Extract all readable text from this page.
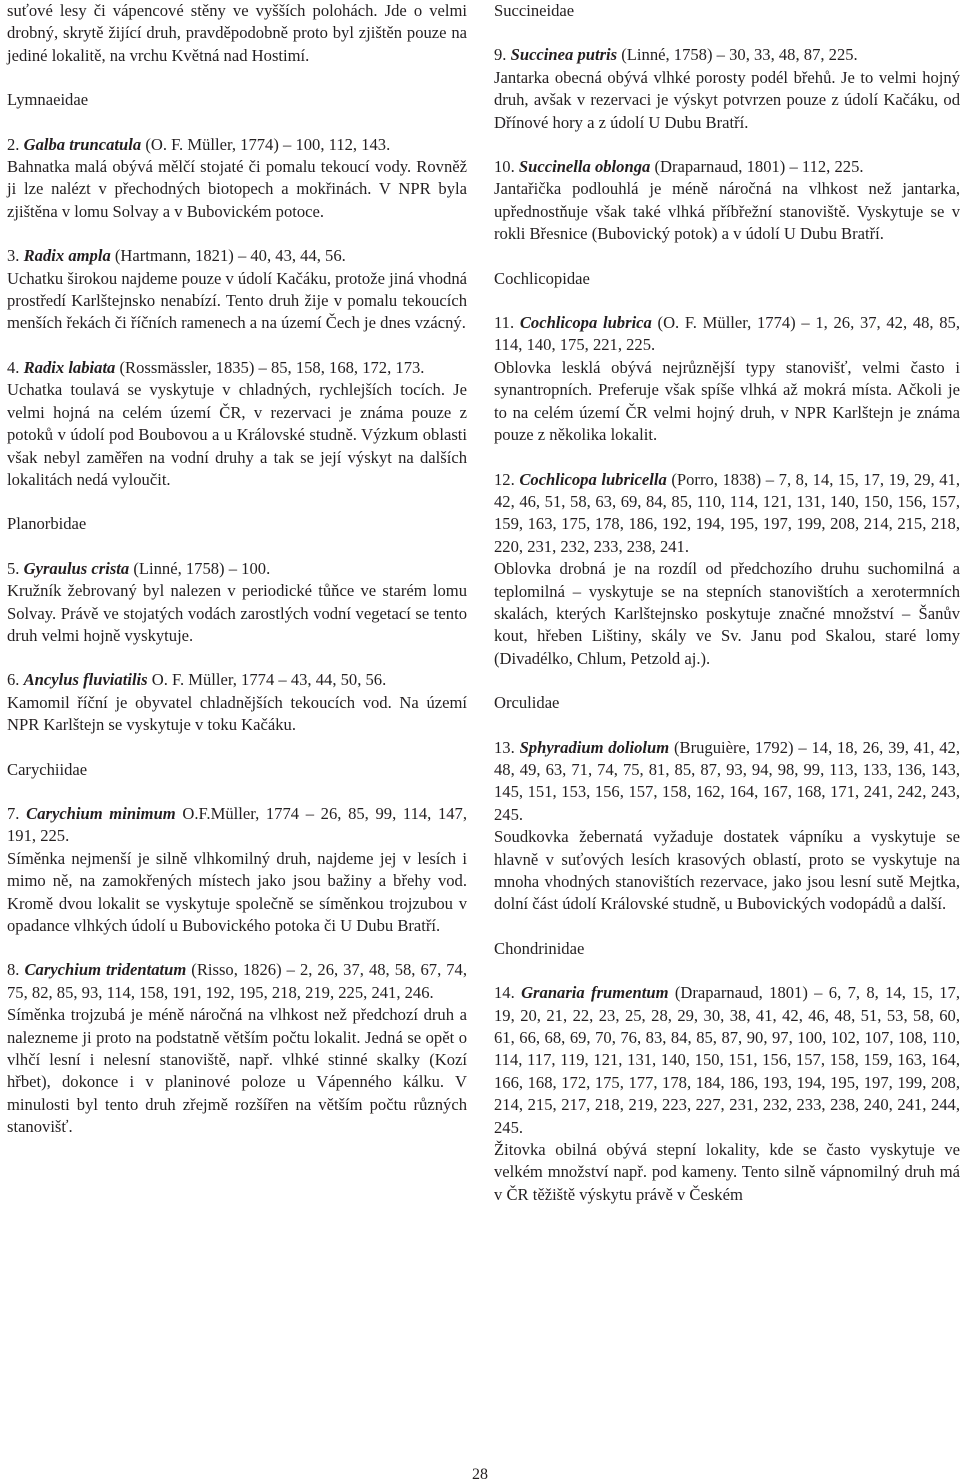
suťové lesy či vápencové stěny ve vyšších polohách. Jde o velmi drobný, skrytě žijící druh, pravděpodobně proto byl zjištěn pouze na jediné lokalitě, na vrchu Květná nad Hostimí.

Lymnaeidae

2. Galba truncatula (O. F. Müller, 1774) – 100, 112, 143.

Bahnatka malá obývá mělčí stojaté či pomalu tekoucí vody. Rovněž ji lze nalézt v přechodných biotopech a mokřinách. V NPR byla zjištěna v lomu Solvay a v Bubovickém potoce.

3. Radix ampla (Hartmann, 1821) – 40, 43, 44, 56.

Uchatku širokou najdeme pouze v údolí Kačáku, protože jiná vhodná prostředí Karlštejnsko nenabízí. Tento druh žije v pomalu tekoucích menších řekách či říčních ramenech a na území Čech je dnes vzácný.

4. Radix labiata (Rossmässler, 1835) – 85, 158, 168, 172, 173.

Uchatka toulavá se vyskytuje v chladných, rychlejších tocích. Je velmi hojná na celém území ČR, v rezervaci je známa pouze z potoků v údolí pod Boubovou a u Královské studně. Výzkum oblasti však nebyl zaměřen na vodní druhy a tak se její výskyt na dalších lokalitách nedá vyloučit.

Planorbidae

5. Gyraulus crista (Linné, 1758) – 100.

Kružník žebrovaný byl nalezen v periodické tůňce ve starém lomu Solvay. Právě ve stojatých vodách zarostlých vodní vegetací se tento druh velmi hojně vyskytuje.

6. Ancylus fluviatilis O. F. Müller, 1774 – 43, 44, 50, 56.

Kamomil říční je obyvatel chladnějších tekoucích vod. Na území NPR Karlštejn se vyskytuje v toku Kačáku.

Carychiidae

7. Carychium minimum O.F.Müller, 1774 – 26, 85, 99, 114, 147, 191, 225.

Síměnka nejmenší je silně vlhkomilný druh, najdeme jej v lesích i mimo ně, na zamokřených místech jako jsou bažiny a břehy vod. Kromě dvou lokalit se vyskytuje společně se síměnkou trojzubou v opadance vlhkých údolí u Bubovického potoka či U Dubu Bratří.

8. Carychium tridentatum (Risso, 1826) – 2, 26, 37, 48, 58, 67, 74, 75, 82, 85, 93, 114, 158, 191, 192, 195, 218, 219, 225, 241, 246.

Síměnka trojzubá je méně náročná na vlhkost než předchozí druh a nalezneme ji proto na podstatně větším počtu lokalit. Jedná se opět o vlhčí lesní i nelesní stanoviště, např. vlhké stinné skalky (Kozí hřbet), dokonce i v planinové poloze u Vápenného kálku. V minulosti byl tento druh zřejmě rozšířen na větším počtu různých stanovišť.

Succineidae

9. Succinea putris (Linné, 1758) – 30, 33, 48, 87, 225.

Jantarka obecná obývá vlhké porosty podél břehů. Je to velmi hojný druh, avšak v rezervaci je výskyt potvrzen pouze z údolí Kačáku, od Dřínové hory a z údolí U Dubu Bratří.

10. Succinella oblonga (Draparnaud, 1801) – 112, 225.

Jantařička podlouhlá je méně náročná na vlhkost než jantarka, upřednostňuje však také vlhká příbřežní stanoviště. Vyskytuje se v rokli Břesnice (Bubovický potok) a v údolí U Dubu Bratří.

Cochlicopidae

11. Cochlicopa lubrica (O. F. Müller, 1774) – 1, 26, 37, 42, 48, 85, 114, 140, 175, 221, 225.

Oblovka lesklá obývá nejrůznější typy stanovišť, velmi často i synantropních. Preferuje však spíše vlhká až mokrá místa. Ačkoli je to na celém území ČR velmi hojný druh, v NPR Karlštejn je známa pouze z několika lokalit.

12. Cochlicopa lubricella (Porro, 1838) – 7, 8, 14, 15, 17, 19, 29, 41, 42, 46, 51, 58, 63, 69, 84, 85, 110, 114, 121, 131, 140, 150, 156, 157, 159, 163, 175, 178, 186, 192, 194, 195, 197, 199, 208, 214, 215, 218, 220, 231, 232, 233, 238, 241.

Oblovka drobná je na rozdíl od předchozího druhu suchomilná a teplomilná – vyskytuje se na stepních stanovištích a xerotermních skalách, kterých Karlštejnsko poskytuje značné množství – Šanův kout, hřeben Lištiny, skály ve Sv. Janu pod Skalou, staré lomy (Divadélko, Chlum, Petzold aj.).

Orculidae

13. Sphyradium doliolum (Bruguière, 1792) – 14, 18, 26, 39, 41, 42, 48, 49, 63, 71, 74, 75, 81, 85, 87, 93, 94, 98, 99, 113, 133, 136, 143, 145, 151, 153, 156, 157, 158, 162, 164, 167, 168, 171, 241, 242, 243, 245.

Soudkovka žebernatá vyžaduje dostatek vápníku a vyskytuje se hlavně v suťových lesích krasových oblastí, proto se vyskytuje na mnoha vhodných stanovištích rezervace, jako jsou lesní sutě Mejtka, dolní část údolí Královské studně, u Bubovických vodopádů a další.

Chondrinidae

14. Granaria frumentum (Draparnaud, 1801) – 6, 7, 8, 14, 15, 17, 19, 20, 21, 22, 23, 25, 28, 29, 30, 38, 41, 42, 46, 48, 51, 53, 58, 60, 61, 66, 68, 69, 70, 76, 83, 84, 85, 87, 90, 97, 100, 102, 107, 108, 110, 114, 117, 119, 121, 131, 140, 150, 151, 156, 157, 158, 159, 163, 164, 166, 168, 172, 175, 177, 178, 184, 186, 193, 194, 195, 197, 199, 208, 214, 215, 217, 218, 219, 223, 227, 231, 232, 233, 238, 240, 241, 244, 245.

Žitovka obilná obývá stepní lokality, kde se často vyskytuje ve velkém množství např. pod kameny. Tento silně vápnomilný druh má v ČR těžiště výskytu právě v Českém

28
